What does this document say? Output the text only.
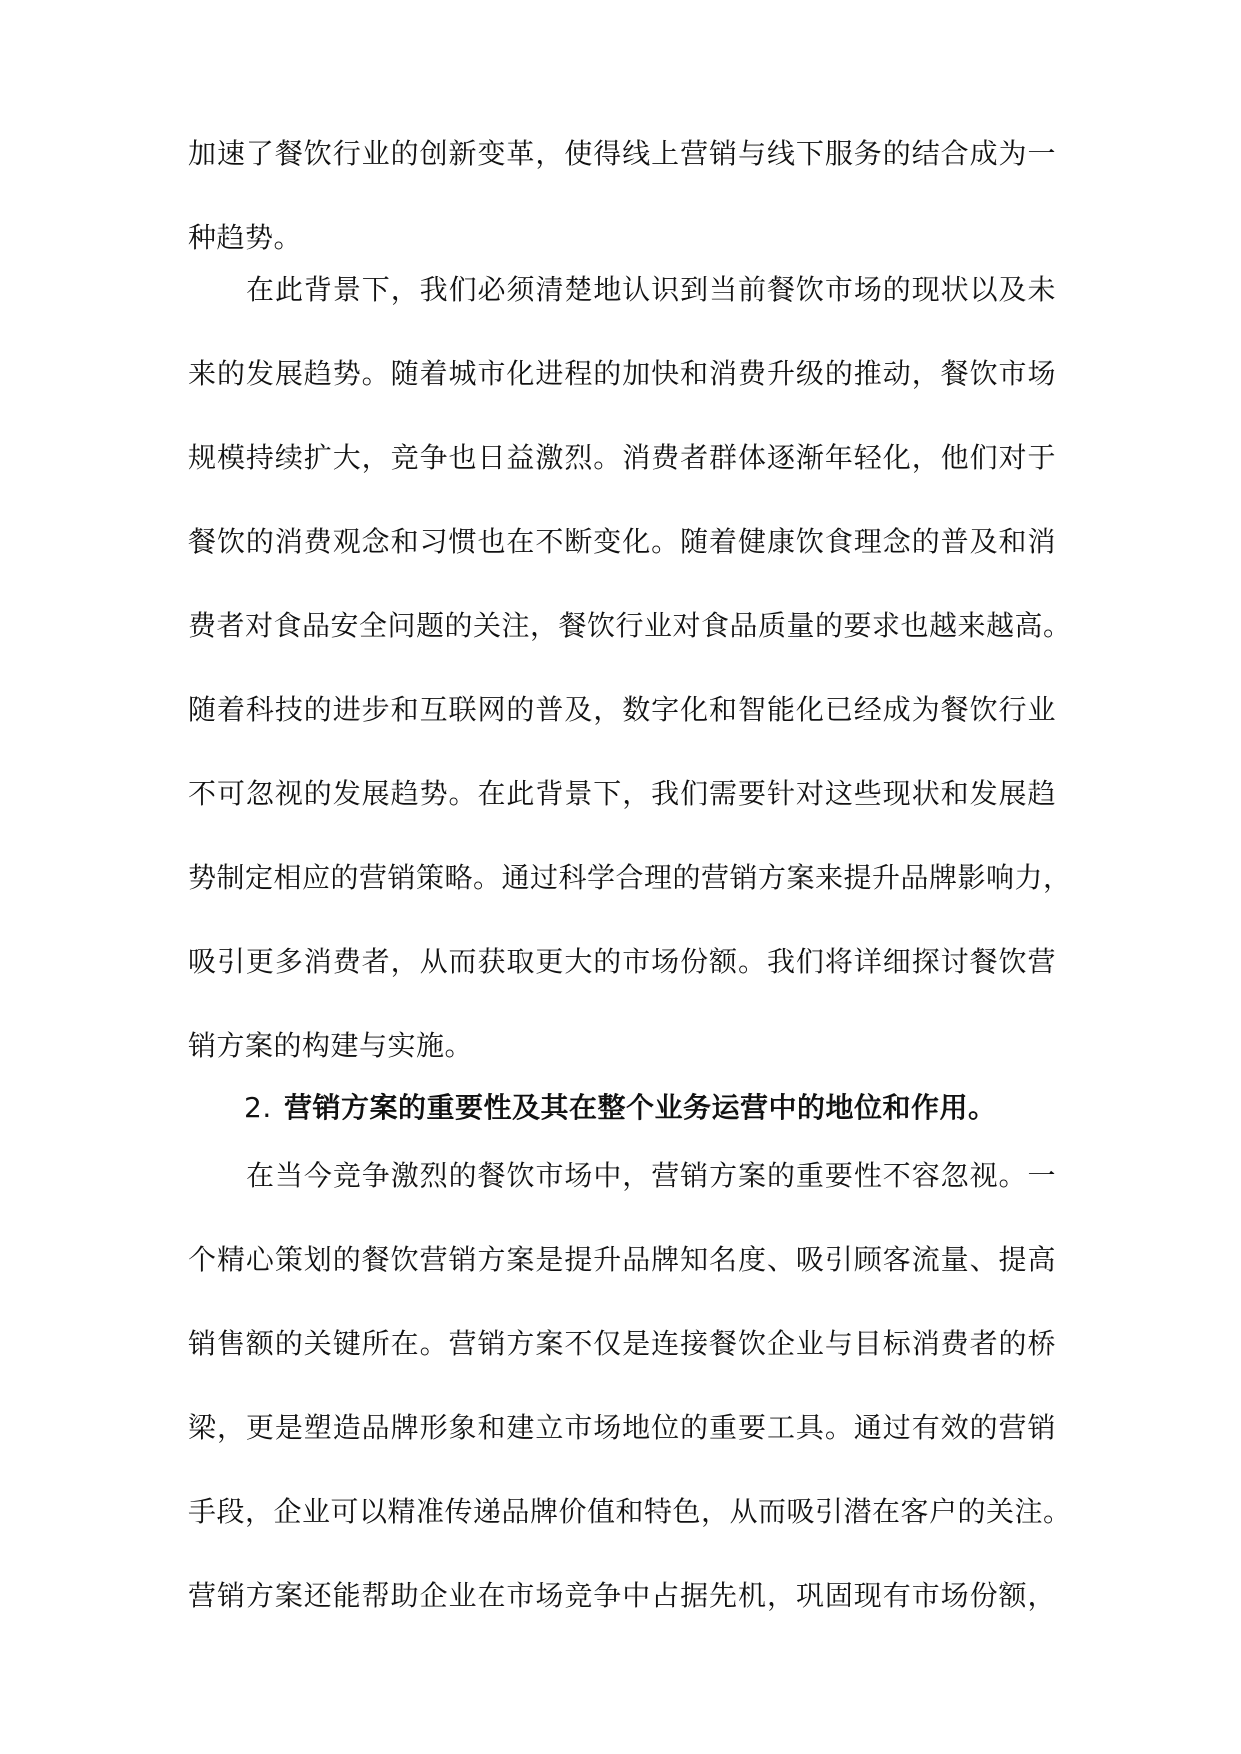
加速了餐饮行业的创新变革，使得线上营销与线下服务的结合成为一
种趋势。
在此背景下，我们必须清楚地认识到当前餐饮市场的现状以及未
来的发展趋势。随着城市化进程的加快和消费升级的推动，餐饮市场
规模持续扩大，竞争也日益激烈。消费者群体逐渐年轻化，他们对于
餐饮的消费观念和习惯也在不断变化。随着健康饮食理念的普及和消
费者对食品安全问题的关注，餐饮行业对食品质量的要求也越来越高。
随着科技的进步和互联网的普及，数字化和智能化已经成为餐饮行业
不可忽视的发展趋势。在此背景下，我们需要针对这些现状和发展趋
势制定相应的营销策略。通过科学合理的营销方案来提升品牌影响力，
吸引更多消费者，从而获取更大的市场份额。我们将详细探讨餐饮营
销方案的构建与实施。
2. 营销方案的重要性及其在整个业务运营中的地位和作用。
在当今竞争激烈的餐饮市场中，营销方案的重要性不容忽视。一
个精心策划的餐饮营销方案是提升品牌知名度、吸引顾客流量、提高
销售额的关键所在。营销方案不仅是连接餐饮企业与目标消费者的桥
梁，更是塑造品牌形象和建立市场地位的重要工具。通过有效的营销
手段，企业可以精准传递品牌价值和特色，从而吸引潜在客户的关注。
营销方案还能帮助企业在市场竞争中占据先机，巩固现有市场份额，
